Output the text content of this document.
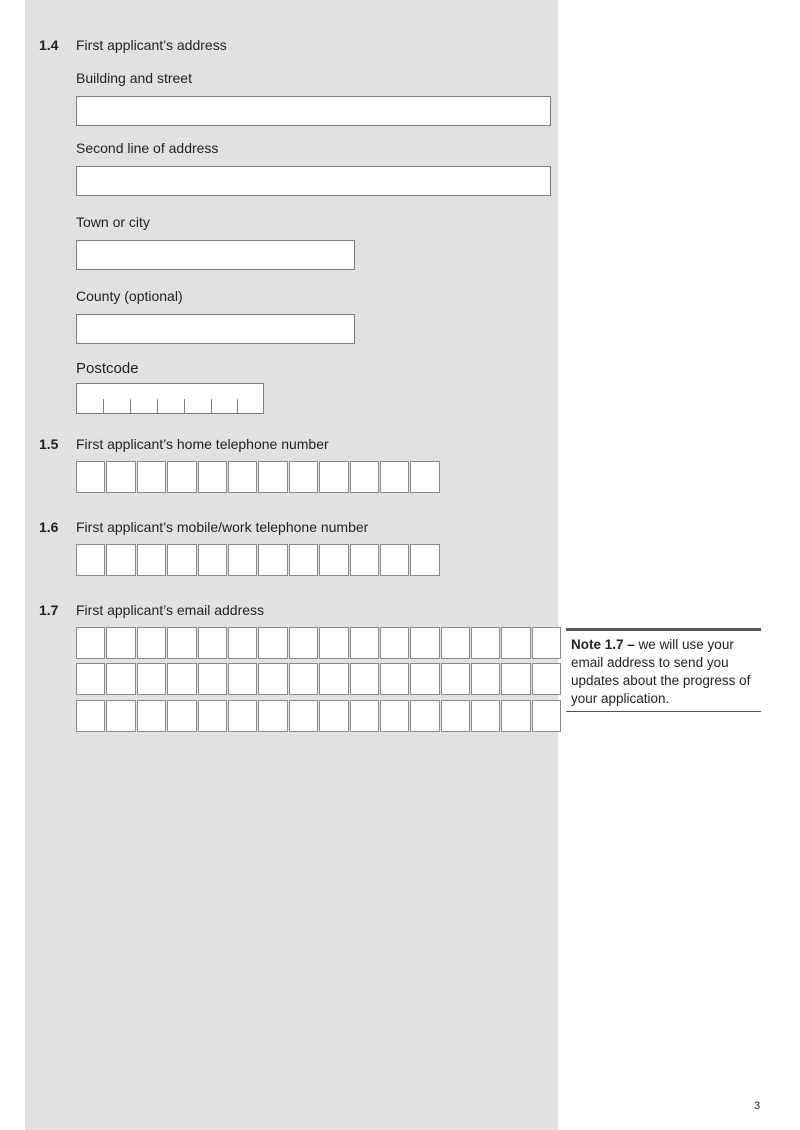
1.4 First applicant’s address
Building and street
Second line of address
Town or city
County (optional)
Postcode
1.5 First applicant’s home telephone number
1.6 First applicant’s mobile/work telephone number
1.7 First applicant’s email address
Note 1.7 – we will use your email address to send you updates about the progress of your application.
3
